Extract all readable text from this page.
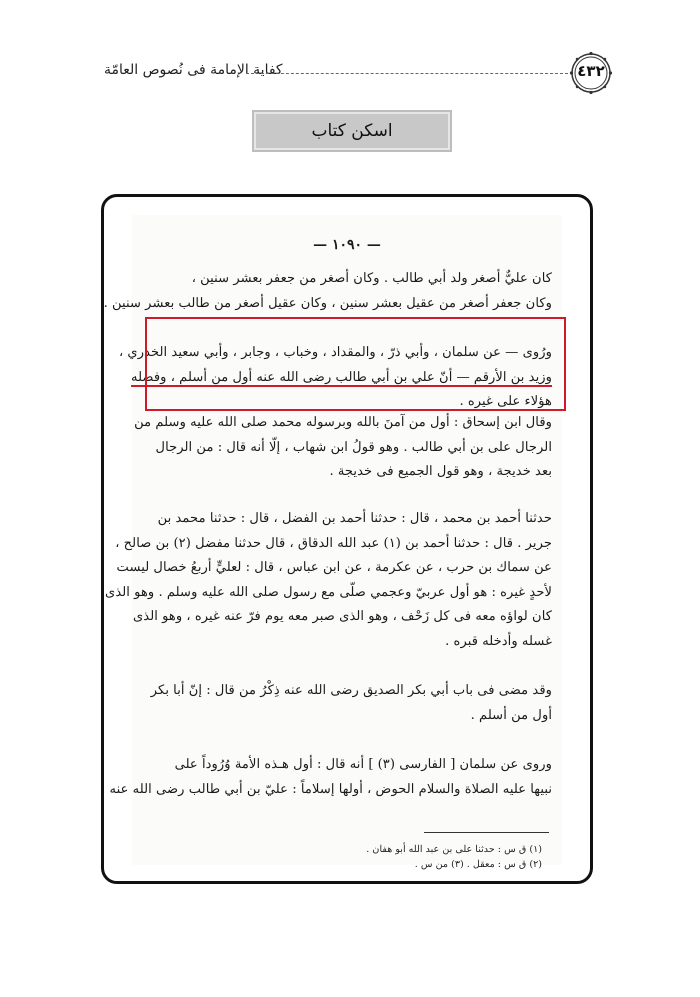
كفاية الإمامة فى نُصوص العامّة	٤٣٢
اسكن كتاب
— ١٠٩٠ —
كان عليٌّ أصغر ولد أبي طالب . وكان أصغر من جعفر بعشر سنين ،
وكان جعفر أصغر من عقيل بعشر سنين ، وكان عقيل أصغر من طالب بعشر سنين .
ورُوى — عن سلمان ، وأبي ذرّ ، والمقداد ، وخباب ، وجابر ، وأبي سعيد الخدري ،
وزيد بن الأرقم — أنّ علي بن أبي طالب رضى الله عنه أول من أسلم ، وفضله
هؤلاء على غيره .
وقال ابن إسحاق : أول من آمنَ بالله وبرسوله محمد صلى الله عليه وسلم من
الرجال على بن أبي طالب . وهو قولُ ابن شهاب ، إلّا أنه قال : من الرجال
بعد خديجة ، وهو قول الجميع فى خديجة .
حدثنا أحمد بن محمد ، قال : حدثنا أحمد بن الفضل ، قال : حدثنا محمد بن
جرير . قال : حدثنا أحمد بن (١) عبد الله الدقاق ، قال حدثنا مفضل (٢) بن صالح ،
عن سماك بن حرب ، عن عكرمة ، عن ابن عباس ، قال : لعليٍّ أربعُ خصال ليست
لأحدٍ غيره : هو أول عربيّ وعجمي صلّى مع رسول صلى الله عليه وسلم . وهو الذى
كان لواؤه معه فى كل زَحْف ، وهو الذى صبر معه يوم فرّ عنه غيره ، وهو الذى
غسله وأدخله قبره .
وقد مضى فى باب أبي بكر الصديق رضى الله عنه ذِكْرُ من قال : إنّ أبا بكر
أول من أسلم .
وروى عن سلمان [ الفارسى (٣) ] أنه قال : أول هـذه الأمة وُرُوداً على
نبيها عليه الصلاة والسلام الحوض ، أولها إسلاماً : عليّ بن أبي طالب رضى الله عنه .
(١) ق س : حدثنا على بن عبد الله أبو هفان .
(٢) ق س : معقل . (٣) من س .
